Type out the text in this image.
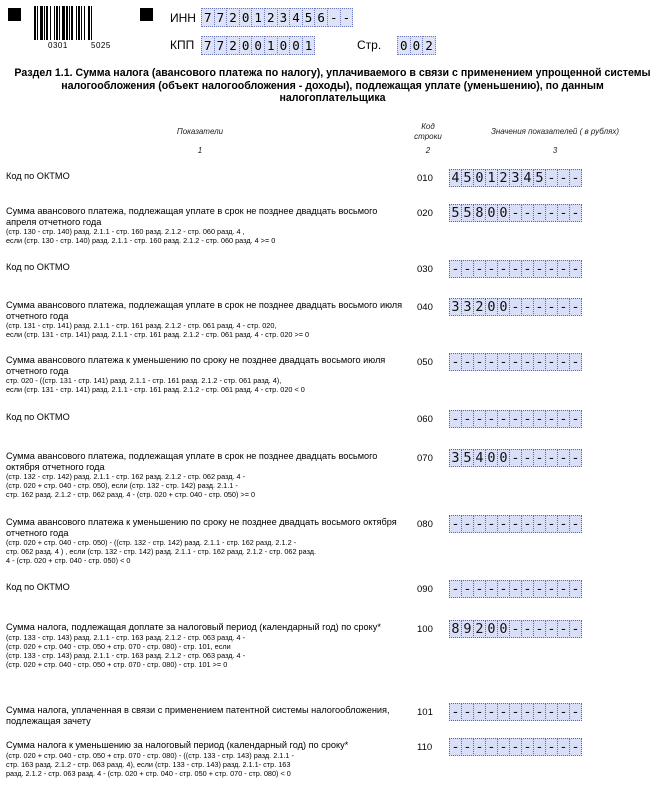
0301	5025
ИНН 7 7 2 0 1 2 3 4 5 6 - -
КПП 7 7 2 0 0 1 0 0 1	Стр. 0 0 2
Раздел 1.1. Сумма налога (авансового платежа по налогу), уплачиваемого в связи с применением упрощенной системы налогообложения (объект налогообложения - доходы), подлежащая уплате (уменьшению), по данным налогоплательщика
Показатели
1
Код
строки
2
Значения показателей ( в рублях)
3
Код по ОКТМО	010 4 5 0 1 2 3 4 5 - - -
Сумма авансового платежа, подлежащая уплате в срок не позднее двадцать восьмого апреля отчетного года
(стр. 130 - стр. 140) разд. 2.1.1 - стр. 160 разд. 2.1.2 - стр. 060 разд. 4 ,
если (стр. 130 - стр. 140) разд. 2.1.1 - стр. 160 разд. 2.1.2 - стр. 060 разд. 4 >= 0
020 5 5 8 0 0 - - - - - -
Код по ОКТМО	030 - - - - - - - - - - -
Сумма авансового платежа, подлежащая уплате в срок не позднее двадцать восьмого июля отчетного года
(стр. 131 - стр. 141) разд. 2.1.1 - стр. 161 разд. 2.1.2 - стр. 061 разд. 4 - стр. 020,
если (стр. 131 - стр. 141) разд. 2.1.1 - стр. 161 разд. 2.1.2 - стр. 061 разд. 4 - стр. 020 >= 0
040 3 3 2 0 0 - - - - - -
Сумма авансового платежа к уменьшению по сроку не позднее двадцать восьмого июля отчетного года
стр. 020 - ((стр. 131 - стр. 141) разд. 2.1.1 - стр. 161 разд. 2.1.2 - стр. 061 разд. 4),
если (стр. 131 - стр. 141) разд. 2.1.1 - стр. 161 разд. 2.1.2 - стр. 061 разд. 4 - стр. 020 < 0
050 - - - - - - - - - - -
Код по ОКТМО	060 - - - - - - - - - - -
Сумма авансового платежа, подлежащая уплате в срок не позднее двадцать восьмого октября отчетного года
(стр. 132 - стр. 142) разд. 2.1.1 - стр. 162 разд. 2.1.2 - стр. 062 разд. 4 -
(стр. 020 + стр. 040 - стр. 050), если (стр. 132 - стр. 142) разд. 2.1.1 -
стр. 162 разд. 2.1.2 - стр. 062 разд. 4 - (стр. 020 + стр. 040 - стр. 050) >= 0
070 3 5 4 0 0 - - - - - -
Сумма авансового платежа к уменьшению по сроку не позднее двадцать восьмого октября отчетного года
(стр. 020 + стр. 040 - стр. 050) - ((стр. 132 - стр. 142) разд. 2.1.1 - стр. 162 разд. 2.1.2 -
стр. 062 разд. 4 ) , если (стр. 132 - стр. 142) разд. 2.1.1 - стр. 162 разд. 2.1.2 - стр. 062 разд.
4 - (стр. 020 + стр. 040 - стр. 050) < 0
080 - - - - - - - - - - -
Код по ОКТМО	090 - - - - - - - - - - -
Сумма налога, подлежащая доплате за налоговый период (календарный год) по сроку*
(стр. 133 - стр. 143) разд. 2.1.1 - стр. 163 разд. 2.1.2 - стр. 063 разд. 4 -
(стр. 020 + стр. 040 - стр. 050 + стр. 070 - стр. 080) - стр. 101, если
(стр. 133 - стр. 143) разд. 2.1.1 - стр. 163 разд. 2.1.2 - стр. 063 разд. 4 -
(стр. 020 + стр. 040 - стр. 050 + стр. 070 - стр. 080) - стр. 101 >= 0
100 8 9 2 0 0 - - - - - -
Сумма налога, уплаченная в связи с применением патентной системы налогообложения, подлежащая зачету
101 - - - - - - - - - - -
Сумма налога к уменьшению за налоговый период (календарный год) по сроку*
(стр. 020 + стр. 040 - стр. 050 + стр. 070 - стр. 080) - ((стр. 133 - стр. 143) разд. 2.1.1 -
стр. 163 разд. 2.1.2 - стр. 063 разд. 4), если (стр. 133 - стр. 143) разд. 2.1.1- стр. 163
разд. 2.1.2 - стр. 063 разд. 4 - (стр. 020 + стр. 040 - стр. 050 + стр. 070 - стр. 080) < 0
110 - - - - - - - - - - -
